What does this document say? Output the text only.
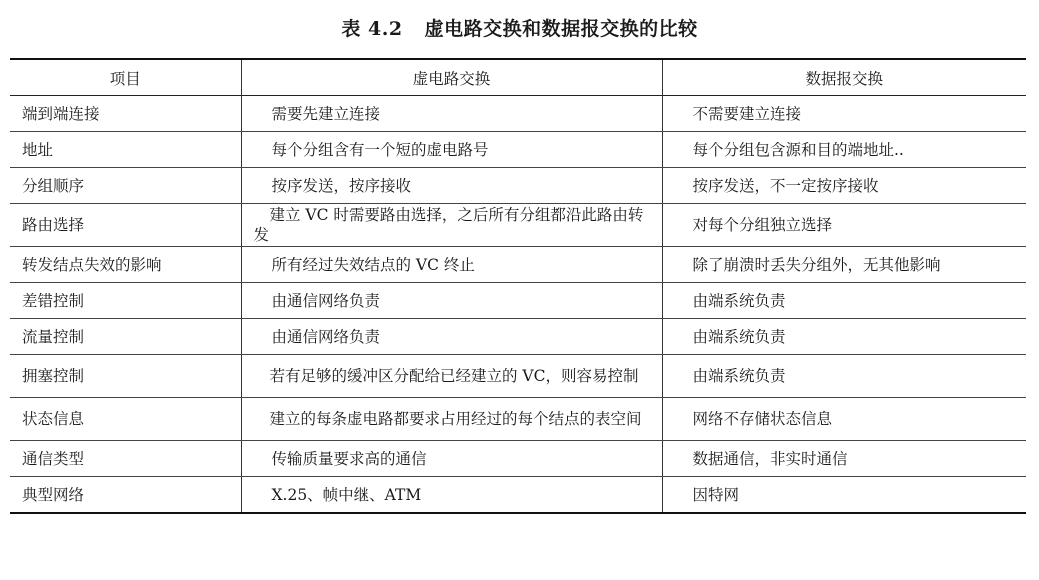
表 4.2 虚电路交换和数据报交换的比较
项目	虚电路交换	数据报交换
端到端连接	需要先建立连接	不需要建立连接
地址	每个分组含有一个短的虚电路号	每个分组包含源和目的端地址..
分组顺序	按序发送，按序接收	按序发送，不一定按序接收
路由选择	建立 VC 时需要路由选择，之后所有分组都沿此路由转发	对每个分组独立选择
转发结点失效的影响	所有经过失效结点的 VC 终止	除了崩溃时丢失分组外，无其他影响
差错控制	由通信网络负责	由端系统负责
流量控制	由通信网络负责	由端系统负责
拥塞控制	若有足够的缓冲区分配给已经建立的 VC，则容易控制	由端系统负责
状态信息	建立的每条虚电路都要求占用经过的每个结点的表空间	网络不存储状态信息
通信类型	传输质量要求高的通信	数据通信，非实时通信
典型网络	X.25、帧中继、ATM	因特网
